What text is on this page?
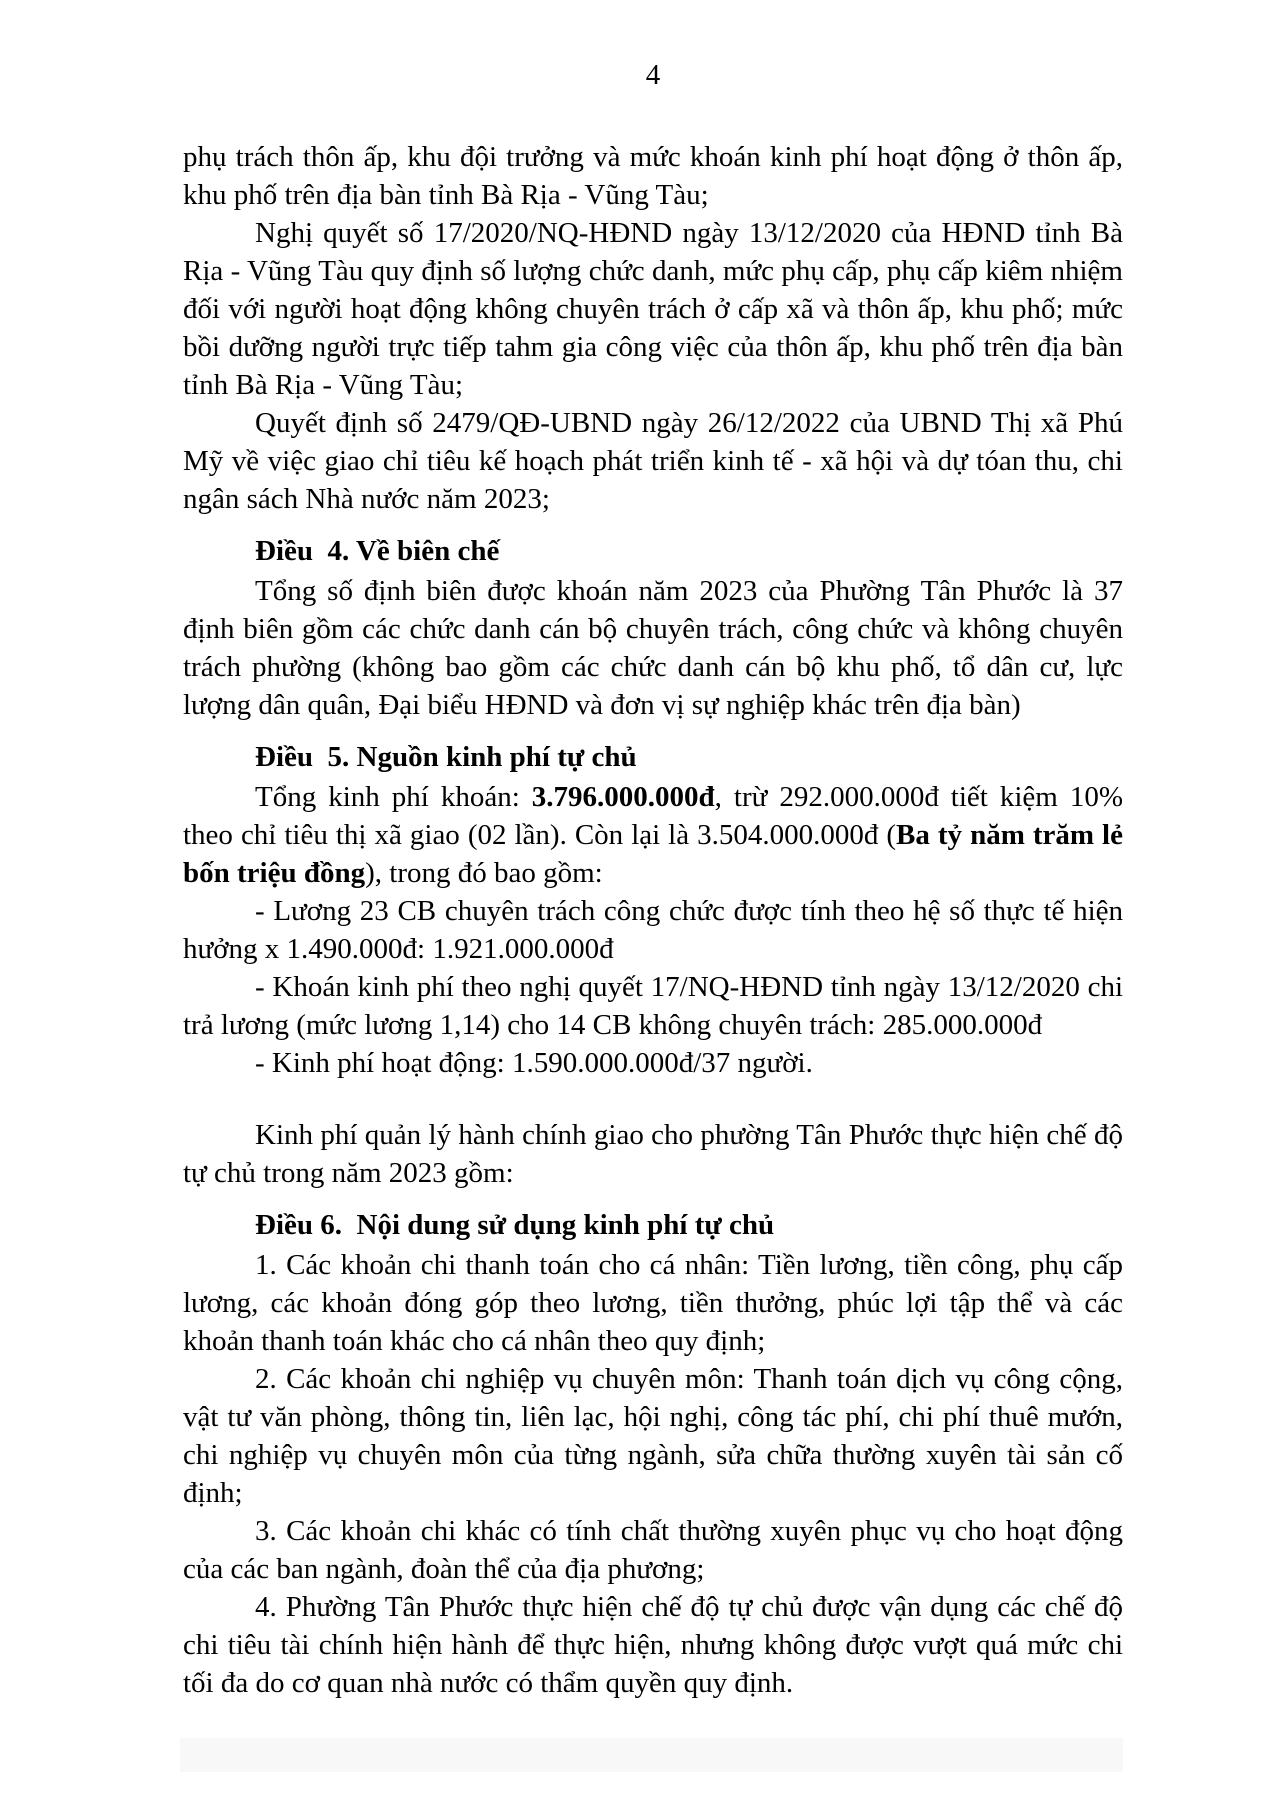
4

phụ trách thôn ấp, khu đội trưởng và mức khoán kinh phí hoạt động ở thôn ấp, khu phố trên địa bàn tỉnh Bà Rịa - Vũng Tàu;

Nghị quyết số 17/2020/NQ-HĐND ngày 13/12/2020 của HĐND tỉnh Bà Rịa - Vũng Tàu quy định số lượng chức danh, mức phụ cấp, phụ cấp kiêm nhiệm đối với người hoạt động không chuyên trách ở cấp xã và thôn ấp, khu phố; mức bồi dưỡng người trực tiếp tahm gia công việc của thôn ấp, khu phố trên địa bàn tỉnh Bà Rịa - Vũng Tàu;

Quyết định số 2479/QĐ-UBND ngày 26/12/2022 của UBND Thị xã Phú Mỹ về việc giao chỉ tiêu kế hoạch phát triển kinh tế - xã hội và dự tóan thu, chi ngân sách Nhà nước năm 2023;

Điều  4. Về biên chế

Tổng số định biên được khoán năm 2023 của Phường Tân Phước là 37 định biên gồm các chức danh cán bộ chuyên trách, công chức và không chuyên trách phường (không bao gồm các chức danh cán bộ khu phố, tổ dân cư, lực lượng dân quân, Đại biểu HĐND và đơn vị sự nghiệp khác trên địa bàn)

Điều  5. Nguồn kinh phí tự chủ

Tổng kinh phí khoán: 3.796.000.000đ, trừ 292.000.000đ tiết kiệm 10% theo chỉ tiêu thị xã giao (02 lần). Còn lại là 3.504.000.000đ (Ba tỷ năm trăm lẻ bốn triệu đồng), trong đó bao gồm:

- Lương 23 CB chuyên trách công chức được tính theo hệ số thực tế hiện hưởng x 1.490.000đ: 1.921.000.000đ

- Khoán kinh phí theo nghị quyết 17/NQ-HĐND tỉnh ngày 13/12/2020 chi trả lương (mức lương 1,14) cho 14 CB không chuyên trách: 285.000.000đ

- Kinh phí hoạt động: 1.590.000.000đ/37 người.

Kinh phí quản lý hành chính giao cho phường Tân Phước thực hiện chế độ tự chủ trong năm 2023 gồm:

Điều 6.  Nội dung sử dụng kinh phí tự chủ

1. Các khoản chi thanh toán cho cá nhân: Tiền lương, tiền công, phụ cấp lương, các khoản đóng góp theo lương, tiền thưởng, phúc lợi tập thể và các khoản thanh toán khác cho cá nhân theo quy định;

2. Các khoản chi nghiệp vụ chuyên môn: Thanh toán dịch vụ công cộng, vật tư văn phòng, thông tin, liên lạc, hội nghị, công tác phí, chi phí thuê mướn, chi nghiệp vụ chuyên môn của từng ngành, sửa chữa thường xuyên tài sản cố định;

3. Các khoản chi khác có tính chất thường xuyên phục vụ cho hoạt động của các ban ngành, đoàn thể của địa phương;

4. Phường Tân Phước thực hiện chế độ tự chủ được vận dụng các chế độ chi tiêu tài chính hiện hành để thực hiện, nhưng không được vượt quá mức chi tối đa do cơ quan nhà nước có thẩm quyền quy định.
